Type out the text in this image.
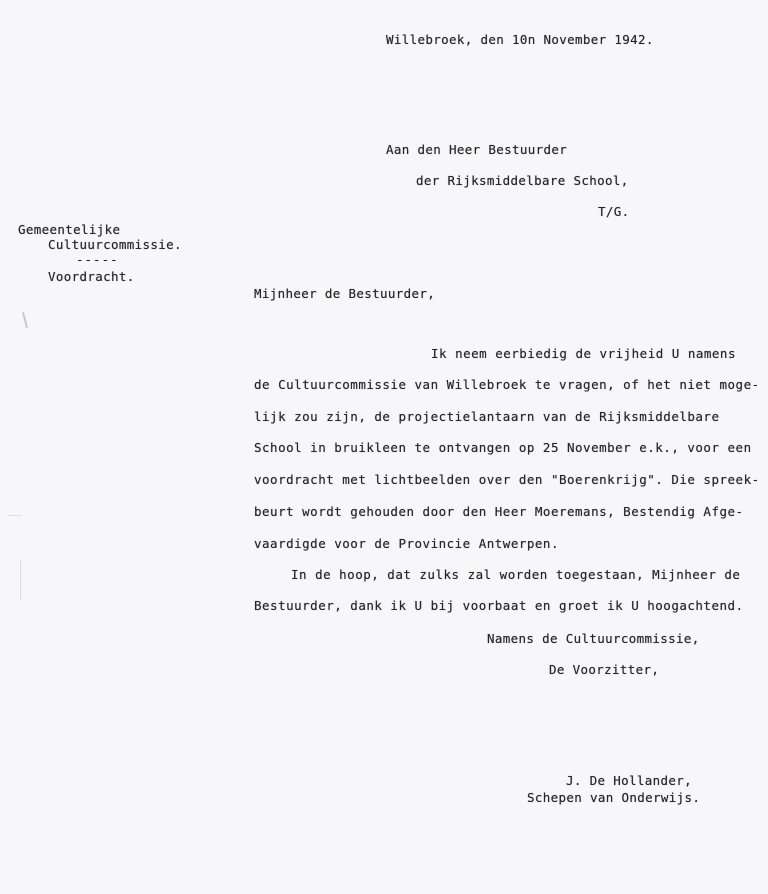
Willebroek, den 10n November 1942.
Aan den Heer Bestuurder
der Rijksmiddelbare School,
T/G.
Gemeentelijke
Cultuurcommissie.
-----
Voordracht.
Mijnheer de Bestuurder,
Ik neem eerbiedig de vrijheid U namens
de Cultuurcommissie van Willebroek te vragen, of het niet moge-
lijk zou zijn, de projectielantaarn van de Rijksmiddelbare
School in bruikleen te ontvangen op 25 November e.k., voor een
voordracht met lichtbeelden over den "Boerenkrijg". Die spreek-
beurt wordt gehouden door den Heer Moeremans, Bestendig Afge-
vaardigde voor de Provincie Antwerpen.
In de hoop, dat zulks zal worden toegestaan, Mijnheer de
Bestuurder, dank ik U bij voorbaat en groet ik U hoogachtend.
Namens de Cultuurcommissie,
De Voorzitter,
J. De Hollander,
Schepen van Onderwijs.
